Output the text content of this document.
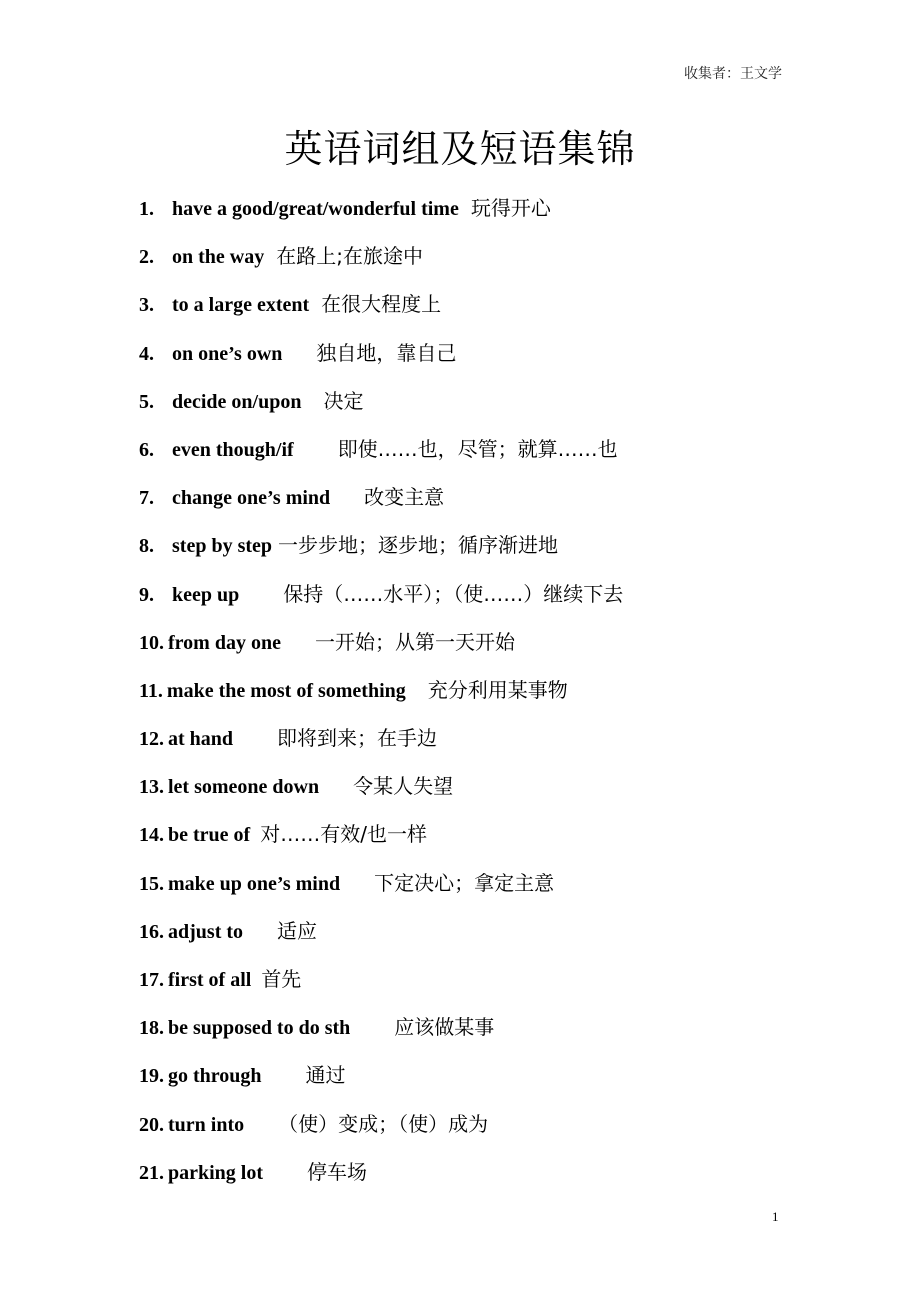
收集者：王文学
英语词组及短语集锦
1. have a good/great/wonderful time 玩得开心
2. on the way 在路上;在旅途中
3. to a large extent 在很大程度上
4. on one’s own 独自地，靠自己
5. decide on/upon 决定
6. even though/if 即使……也，尽管；就算……也
7. change one’s mind 改变主意
8. step by step 一步步地；逐步地；循序渐进地
9. keep up 保持（……水平）；（使……）继续下去
10. from day one 一开始；从第一天开始
11. make the most of something 充分利用某事物
12. at hand 即将到来；在手边
13. let someone down 令某人失望
14. be true of 对……有效/也一样
15. make up one’s mind 下定决心；拿定主意
16. adjust to 适应
17. first of all 首先
18. be supposed to do sth 应该做某事
19. go through 通过
20. turn into （使）变成；（使）成为
21. parking lot 停车场
1
